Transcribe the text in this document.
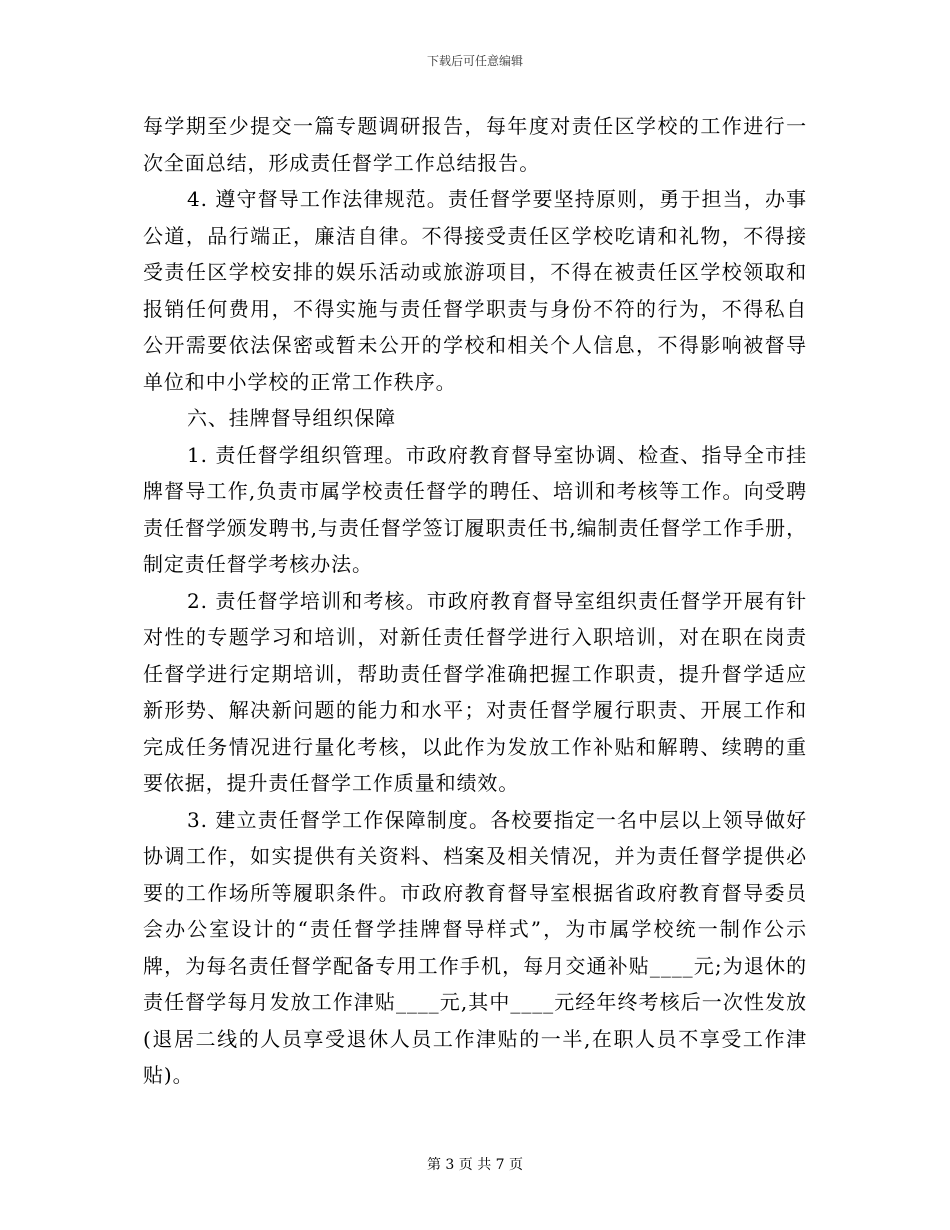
下载后可任意编辑

每学期至少提交一篇专题调研报告，每年度对责任区学校的工作进行一次全面总结，形成责任督学工作总结报告。

4. 遵守督导工作法律规范。责任督学要坚持原则，勇于担当，办事公道，品行端正，廉洁自律。不得接受责任区学校吃请和礼物，不得接受责任区学校安排的娱乐活动或旅游项目，不得在被责任区学校领取和报销任何费用，不得实施与责任督学职责与身份不符的行为，不得私自公开需要依法保密或暂未公开的学校和相关个人信息，不得影响被督导单位和中小学校的正常工作秩序。

六、挂牌督导组织保障

1. 责任督学组织管理。市政府教育督导室协调、检查、指导全市挂牌督导工作,负责市属学校责任督学的聘任、培训和考核等工作。向受聘责任督学颁发聘书,与责任督学签订履职责任书,编制责任督学工作手册，制定责任督学考核办法。

2. 责任督学培训和考核。市政府教育督导室组织责任督学开展有针对性的专题学习和培训，对新任责任督学进行入职培训，对在职在岗责任督学进行定期培训，帮助责任督学准确把握工作职责，提升督学适应新形势、解决新问题的能力和水平；对责任督学履行职责、开展工作和完成任务情况进行量化考核，以此作为发放工作补贴和解聘、续聘的重要依据，提升责任督学工作质量和绩效。

3. 建立责任督学工作保障制度。各校要指定一名中层以上领导做好协调工作，如实提供有关资料、档案及相关情况，并为责任督学提供必要的工作场所等履职条件。市政府教育督导室根据省政府教育督导委员会办公室设计的“责任督学挂牌督导样式”，为市属学校统一制作公示牌，为每名责任督学配备专用工作手机，每月交通补贴____元;为退休的责任督学每月发放工作津贴____元,其中____元经年终考核后一次性发放(退居二线的人员享受退休人员工作津贴的一半,在职人员不享受工作津贴)。

第 3 页 共 7 页
